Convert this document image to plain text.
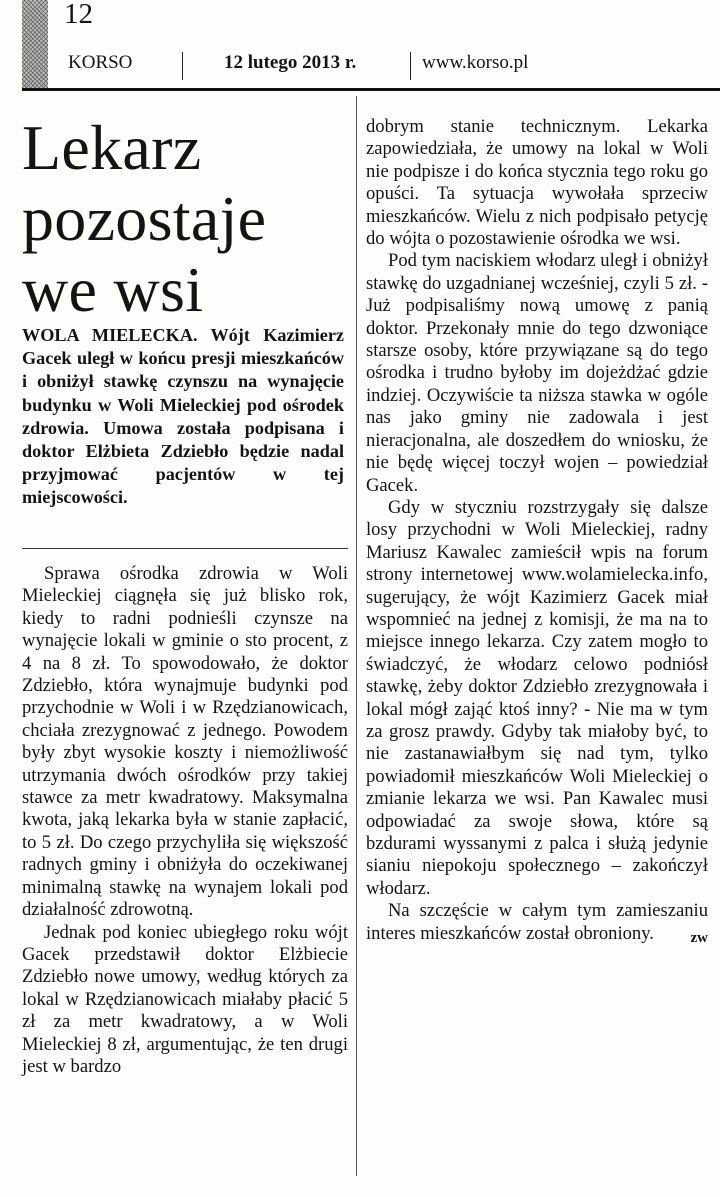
12
KORSO	12 lutego 2013 r.	www.korso.pl
Lekarz pozostaje we wsi

WOLA MIELECKA. Wójt Kazimierz Gacek uległ w końcu presji mieszkańców i obniżył stawkę czynszu na wynajęcie budynku w Woli Mieleckiej pod ośrodek zdrowia. Umowa została podpisana i doktor Elżbieta Zdziebło będzie nadal przyjmować pacjentów w tej miejscowości.

Sprawa ośrodka zdrowia w Woli Mieleckiej ciągnęła się już blisko rok, kiedy to radni podnieśli czynsze na wynajęcie lokali w gminie o sto procent, z 4 na 8 zł. To spowodowało, że doktor Zdziebło, która wynajmuje budynki pod przychodnie w Woli i w Rzędzianowicach, chciała zrezygnować z jednego. Powodem były zbyt wysokie koszty i niemożliwość utrzymania dwóch ośrodków przy takiej stawce za metr kwadratowy. Maksymalna kwota, jaką lekarka była w stanie zapłacić, to 5 zł. Do czego przychyliła się większość radnych gminy i obniżyła do oczekiwanej minimalną stawkę na wynajem lokali pod działalność zdrowotną.

Jednak pod koniec ubiegłego roku wójt Gacek przedstawił doktor Elżbiecie Zdziebło nowe umowy, według których za lokal w Rzędzianowicach miałaby płacić 5 zł za metr kwadratowy, a w Woli Mieleckiej 8 zł, argumentując, że ten drugi jest w bardzo

dobrym stanie technicznym. Lekarka zapowiedziała, że umowy na lokal w Woli nie podpisze i do końca stycznia tego roku go opuści. Ta sytuacja wywołała sprzeciw mieszkańców. Wielu z nich podpisało petycję do wójta o pozostawienie ośrodka we wsi.

Pod tym naciskiem włodarz uległ i obniżył stawkę do uzgadnianej wcześniej, czyli 5 zł. - Już podpisaliśmy nową umowę z panią doktor. Przekonały mnie do tego dzwoniące starsze osoby, które przywiązane są do tego ośrodka i trudno byłoby im dojeżdżać gdzie indziej. Oczywiście ta niższa stawka w ogóle nas jako gminy nie zadowala i jest nieracjonalna, ale doszedłem do wniosku, że nie będę więcej toczył wojen – powiedział Gacek.

Gdy w styczniu rozstrzygały się dalsze losy przychodni w Woli Mieleckiej, radny Mariusz Kawalec zamieścił wpis na forum strony internetowej www.wolamielecka.info, sugerujący, że wójt Kazimierz Gacek miał wspomnieć na jednej z komisji, że ma na to miejsce innego lekarza. Czy zatem mogło to świadczyć, że włodarz celowo podniósł stawkę, żeby doktor Zdziebło zrezygnowała i lokal mógł zająć ktoś inny? - Nie ma w tym za grosz prawdy. Gdyby tak miałoby być, to nie zastanawiałbym się nad tym, tylko powiadomił mieszkańców Woli Mieleckiej o zmianie lekarza we wsi. Pan Kawalec musi odpowiadać za swoje słowa, które są bzdurami wyssanymi z palca i służą jedynie sianiu niepokoju społecznego – zakończył włodarz.

Na szczęście w całym tym zamieszaniu interes mieszkańców został obroniony.	zw
